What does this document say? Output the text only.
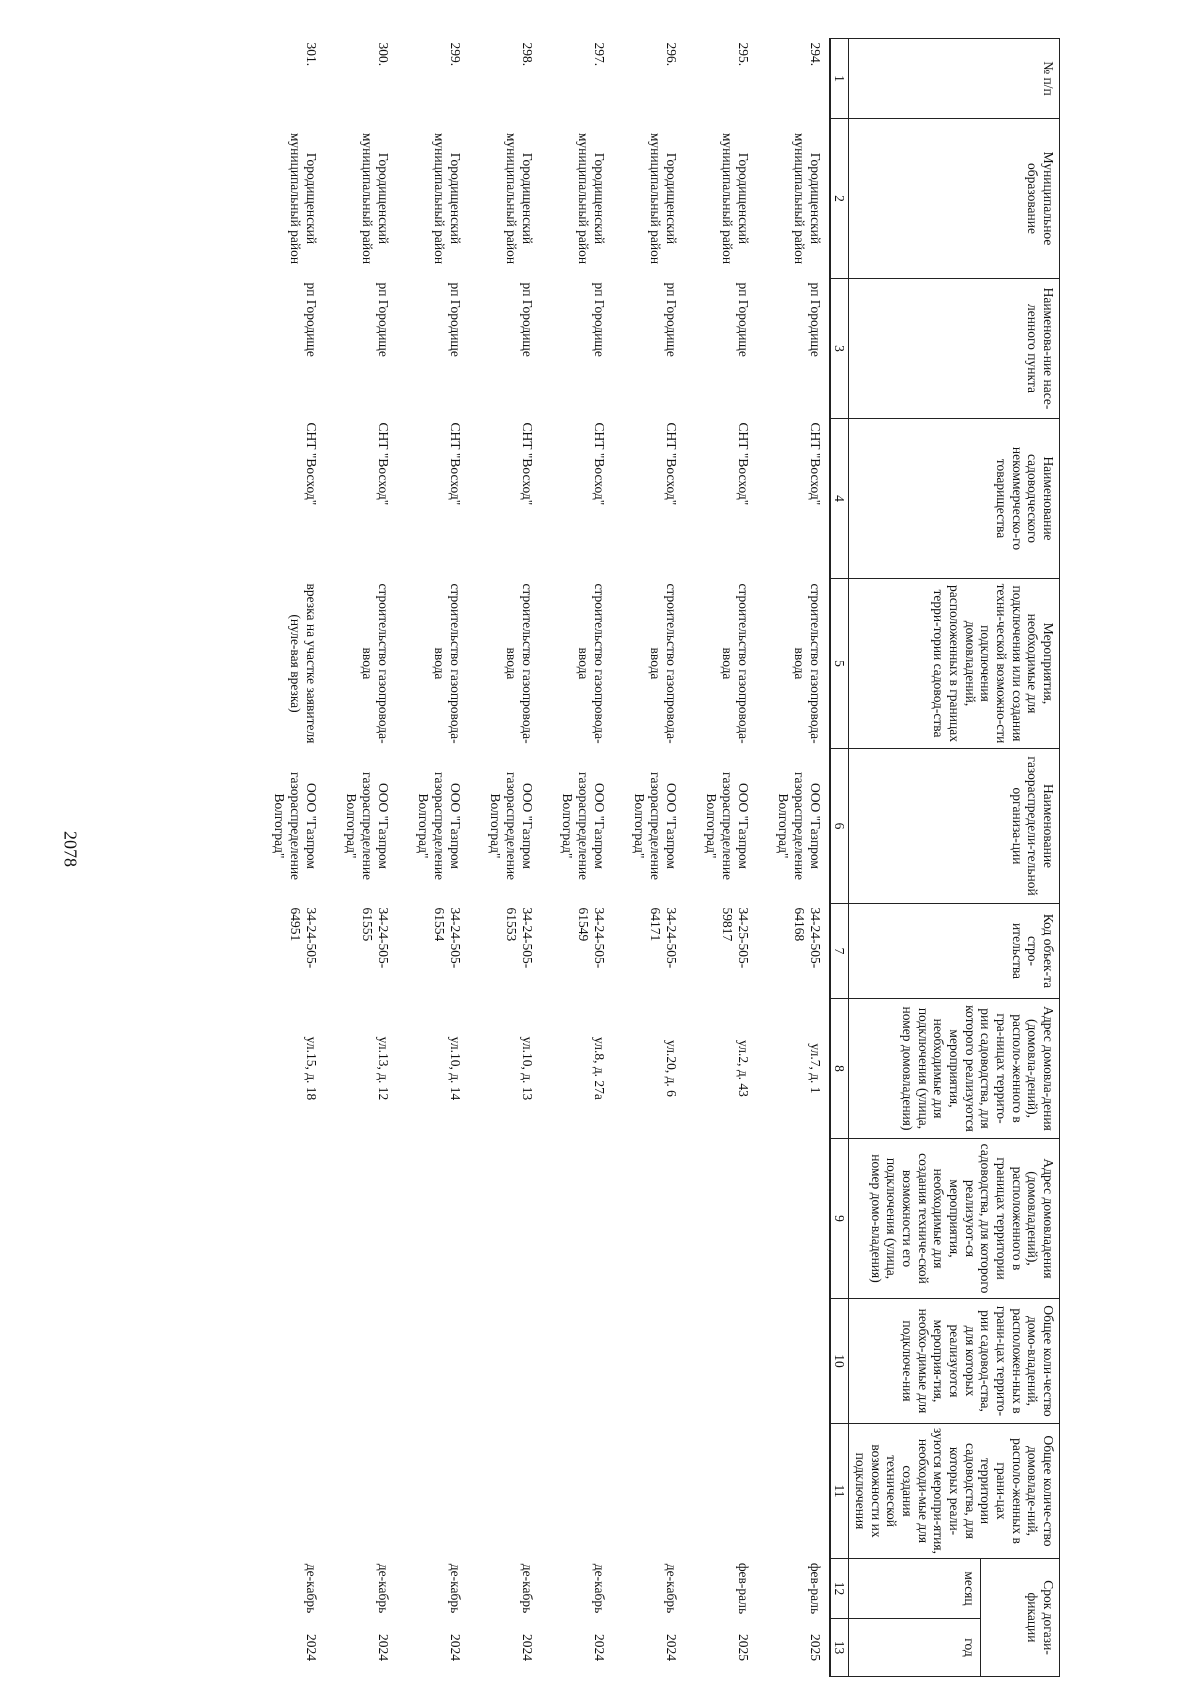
2078
№ п/п	Муниципальное образование	Наименова-ние насе-ленного пункта	Наименование садоводческого некоммерческо-го товарищества	Мероприятия, необходимые для подключения или создания техни-ческой возможно-сти подключения домовладений, расположенных в границах терри-тории садовод-ства	Наименование газораспредели-тельной организа-ции	Код объек-та стро-ительства	Адрес домовла-дения (домовла-дений), располо-женного в гра-ницах террито-рии садоводства, для которого реализуются мероприятия, необходимые для подключения (улица, номер домовладения)	Адрес домовладения (домовладений), расположенного в границах территории садоводства, для которого реализуют-ся мероприятия, необходимые для создания техниче-ской возможности его подключения (улица, номер домо-владения)	Общее коли-чество домо-владений, расположен-ных в грани-цах террито-рии садовод-ства, для которых реализуются мероприя-тия, необхо-димые для подключе-ния	Общее количе-ство домовладе-ний, располо-женных в грани-цах территории садоводства, для которых реали-зуются меропри-ятия, необходи-мые для создания технической возможности их подключения	Срок догази-фикации	
											месяц	год
1	2	3	4	5	6	7	8	9	10	11	12	13
294.	Городищенский муниципальный район	рп Городище	СНТ "Восход"	строительство газопровода-ввода	ООО "Газпром газораспределение Волгоград"	34-24-505-64168	ул.7, д. 1				фев-раль	2025
295.	Городищенский муниципальный район	рп Городище	СНТ "Восход"	строительство газопровода-ввода	ООО "Газпром газораспределение Волгоград"	34-25-505-59817	ул.2, д. 43				фев-раль	2025
296.	Городищенский муниципальный район	рп Городище	СНТ "Восход"	строительство газопровода-ввода	ООО "Газпром газораспределение Волгоград"	34-24-505-64171	ул.20, д. 6				де-кабрь	2024
297.	Городищенский муниципальный район	рп Городище	СНТ "Восход"	строительство газопровода-ввода	ООО "Газпром газораспределение Волгоград"	34-24-505-61549	ул.8, д. 27а				де-кабрь	2024
298.	Городищенский муниципальный район	рп Городище	СНТ "Восход"	строительство газопровода-ввода	ООО "Газпром газораспределение Волгоград"	34-24-505-61553	ул.10, д. 13				де-кабрь	2024
299.	Городищенский муниципальный район	рп Городище	СНТ "Восход"	строительство газопровода-ввода	ООО "Газпром газораспределение Волгоград"	34-24-505-61554	ул.10, д. 14				де-кабрь	2024
300.	Городищенский муниципальный район	рп Городище	СНТ "Восход"	строительство газопровода-ввода	ООО "Газпром газораспределение Волгоград"	34-24-505-61555	ул.13, д. 12				де-кабрь	2024
301.	Городищенский муниципальный район	рп Городище	СНТ "Восход"	врезка на участке заявителя (нуле-вая врезка)	ООО "Газпром газораспределение Волгоград"	34-24-505-64951	ул.15, д. 18				де-кабрь	2024
